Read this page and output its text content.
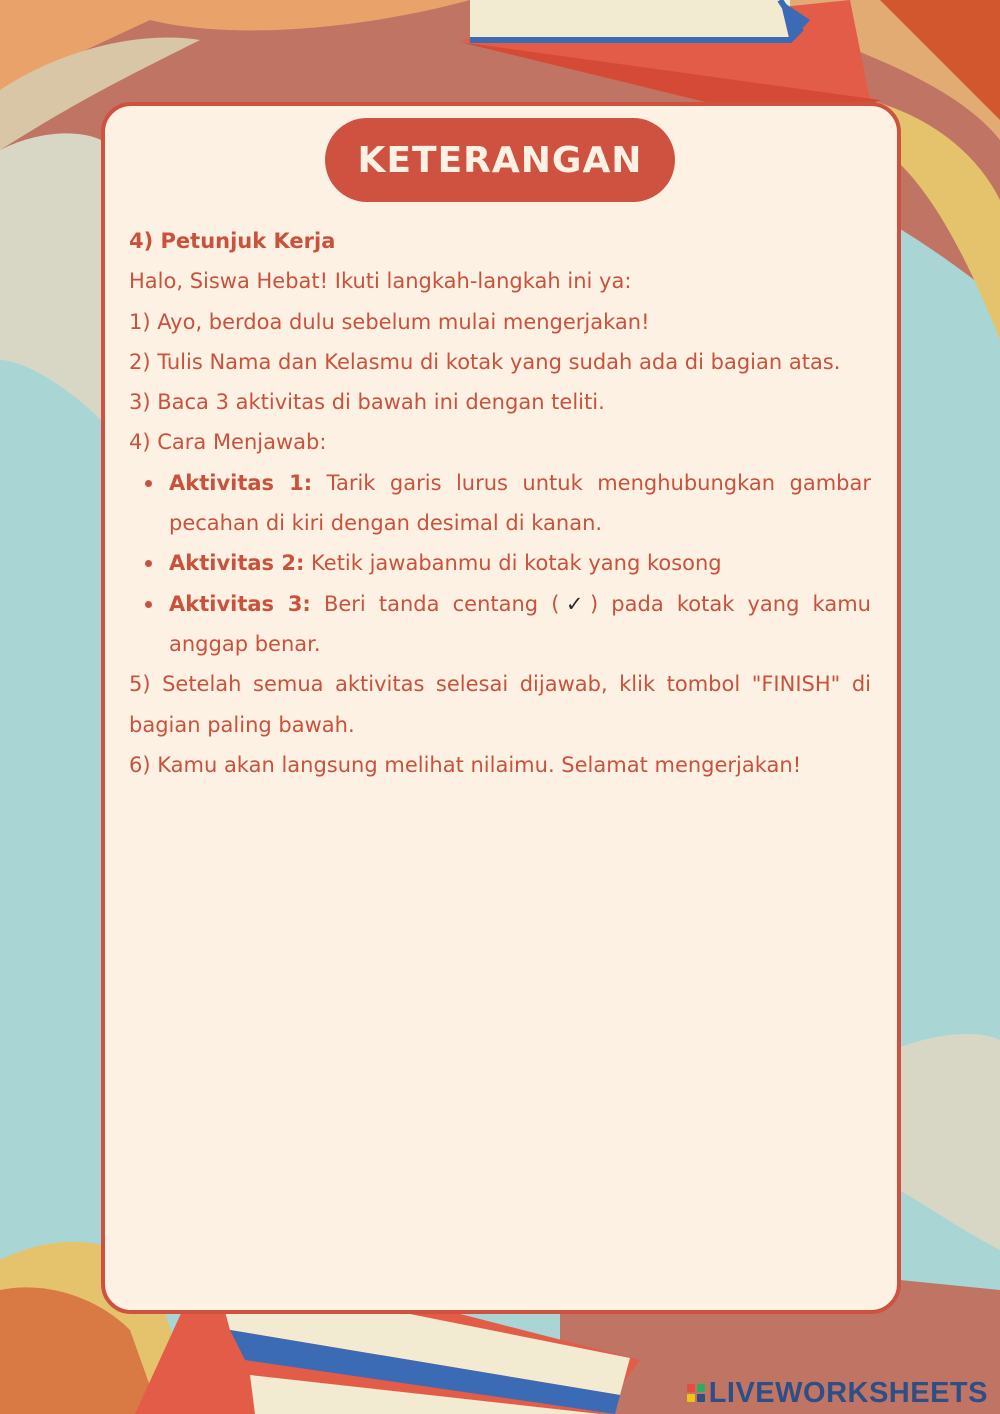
KETERANGAN

4) Petunjuk Kerja

Halo, Siswa Hebat! Ikuti langkah-langkah ini ya:

1) Ayo, berdoa dulu sebelum mulai mengerjakan!

2) Tulis Nama dan Kelasmu di kotak yang sudah ada di bagian atas.

3) Baca 3 aktivitas di bawah ini dengan teliti.

4) Cara Menjawab:

Aktivitas 1: Tarik garis lurus untuk menghubungkan gambar pecahan di kiri dengan desimal di kanan.
Aktivitas 2: Ketik jawabanmu di kotak yang kosong
Aktivitas 3: Beri tanda centang (✓) pada kotak yang kamu anggap benar.

5) Setelah semua aktivitas selesai dijawab, klik tombol "FINISH" di bagian paling bawah.

6) Kamu akan langsung melihat nilaimu. Selamat mengerjakan!

LIVEWORKSHEETS
